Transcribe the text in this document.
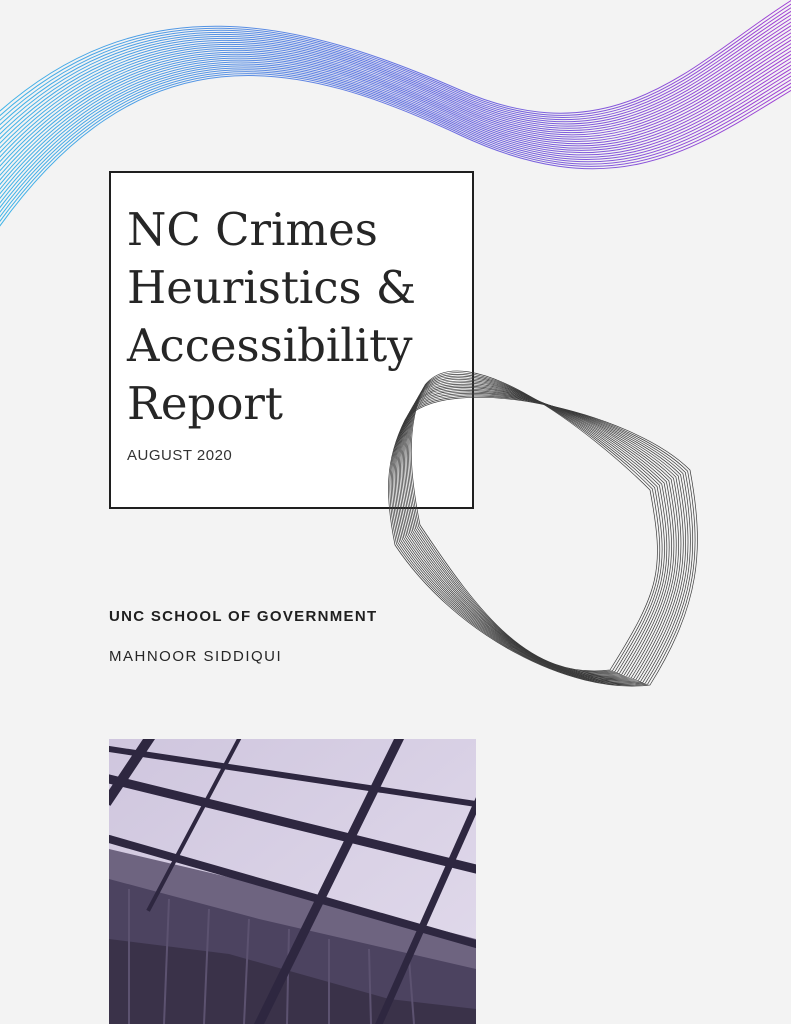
NC Crimes
Heuristics &
Accessibility
Report
AUGUST 2020
UNC SCHOOL OF GOVERNMENT
MAHNOOR SIDDIQUI
